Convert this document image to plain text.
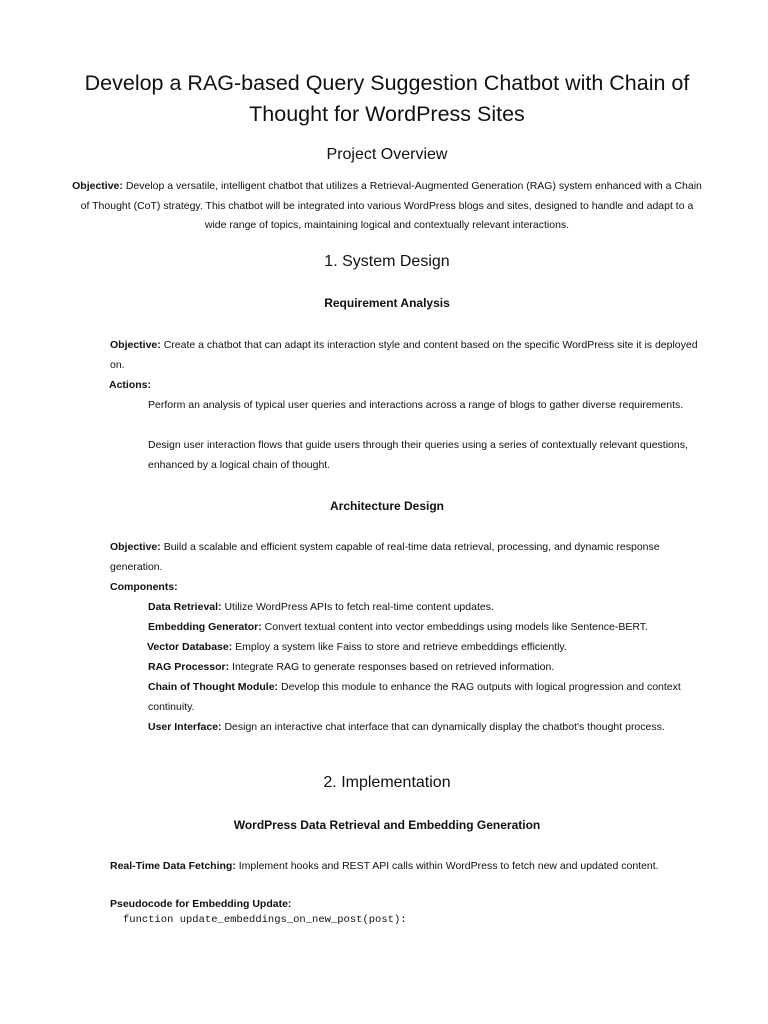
Develop a RAG-based Query Suggestion Chatbot with Chain of Thought for WordPress Sites
Project Overview

Objective: Develop a versatile, intelligent chatbot that utilizes a Retrieval-Augmented Generation (RAG) system enhanced with a Chain of Thought (CoT) strategy. This chatbot will be integrated into various WordPress blogs and sites, designed to handle and adapt to a wide range of topics, maintaining logical and contextually relevant interactions.

1. System Design
Requirement Analysis

Objective: Create a chatbot that can adapt its interaction style and content based on the specific WordPress site it is deployed on.

Actions:

Perform an analysis of typical user queries and interactions across a range of blogs to gather diverse requirements.

Design user interaction flows that guide users through their queries using a series of contextually relevant questions, enhanced by a logical chain of thought.

Architecture Design

Objective: Build a scalable and efficient system capable of real-time data retrieval, processing, and dynamic response generation.

Components:

Data Retrieval: Utilize WordPress APIs to fetch real-time content updates.

Embedding Generator: Convert textual content into vector embeddings using models like Sentence-BERT.

Vector Database: Employ a system like Faiss to store and retrieve embeddings efficiently.

RAG Processor: Integrate RAG to generate responses based on retrieved information.

Chain of Thought Module: Develop this module to enhance the RAG outputs with logical progression and context continuity.

User Interface: Design an interactive chat interface that can dynamically display the chatbot's thought process.

2. Implementation
WordPress Data Retrieval and Embedding Generation

Real-Time Data Fetching: Implement hooks and REST API calls within WordPress to fetch new and updated content.

Pseudocode for Embedding Update:

function update_embeddings_on_new_post(post):
